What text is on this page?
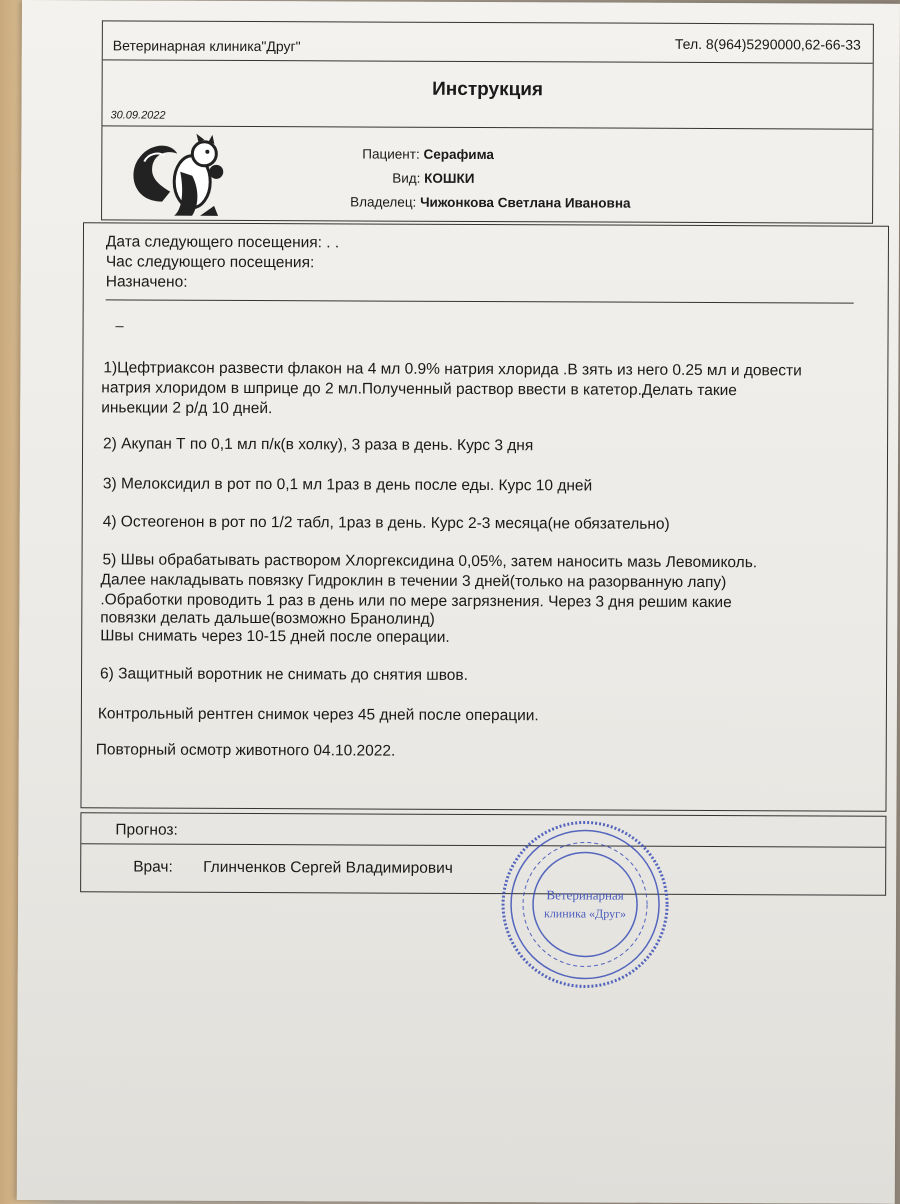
Ветеринарная клиника"Друг"	Тел. 8(964)5290000,62-66-33
Инструкция
30.09.2022
Пациент: Серафима
Вид: КОШКИ
Владелец: Чижонкова Светлана Ивановна
Дата следующего посещения: . .
Час следующего посещения:
Назначено:
_
1)Цефтриаксон развести флакон на 4 мл 0.9% натрия хлорида .В зять из него 0.25 мл и довести
натрия хлоридом в шприце до 2 мл.Полученный раствор ввести в катетор.Делать такие
иньекции 2 р/д 10 дней.
2) Акупан Т по 0,1 мл п/к(в холку), 3 раза в день. Курс 3 дня
3) Мелоксидил в рот по 0,1 мл 1раз в день после еды. Курс 10 дней
4) Остеогенон в рот по 1/2 табл, 1раз в день. Курс 2-3 месяца(не обязательно)
5) Швы обрабатывать раствором Хлоргексидина 0,05%, затем наносить мазь Левомиколь.
Далее накладывать повязку Гидроклин в течении 3 дней(только на разорванную лапу)
.Обработки проводить 1 раз в день или по мере загрязнения. Через 3 дня решим какие
повязки делать дальше(возможно Бранолинд)
Швы снимать через 10-15 дней после операции.
6) Защитный воротник не снимать до снятия швов.
Контрольный рентген снимок через 45 дней после операции.
Повторный осмотр животного 04.10.2022.
Прогноз:
Врач: Глинченков Сергей Владимирович
Ветеринарная
клиника «Друг»
